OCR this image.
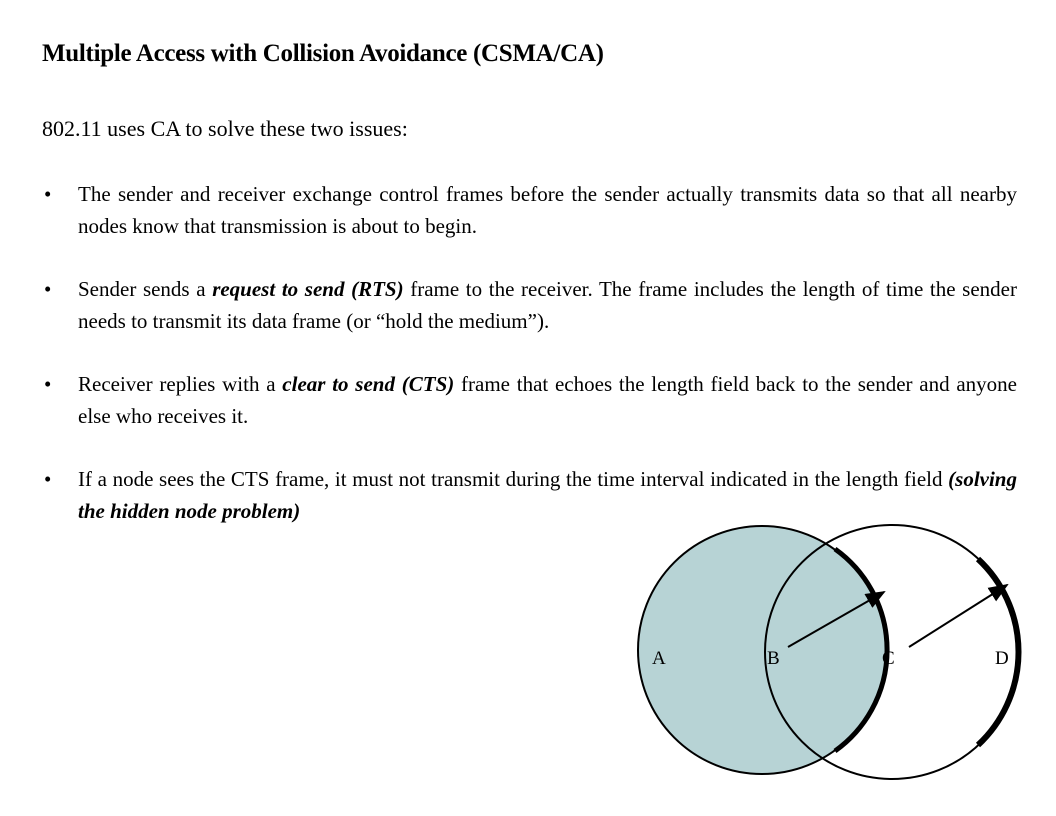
Multiple Access with Collision Avoidance (CSMA/CA)
802.11 uses CA to solve these two issues:
• The sender and receiver exchange control frames before the sender actually transmits data so that all nearby nodes know that transmission is about to begin.
• Sender sends a request to send (RTS) frame to the receiver. The frame includes the length of time the sender needs to transmit its data frame (or “hold the medium”).
• Receiver replies with a clear to send (CTS) frame that echoes the length field back to the sender and anyone else who receives it.
• If a node sees the CTS frame, it must not transmit during the time interval indicated in the length field (solving the hidden node problem)
A	B	C	D
